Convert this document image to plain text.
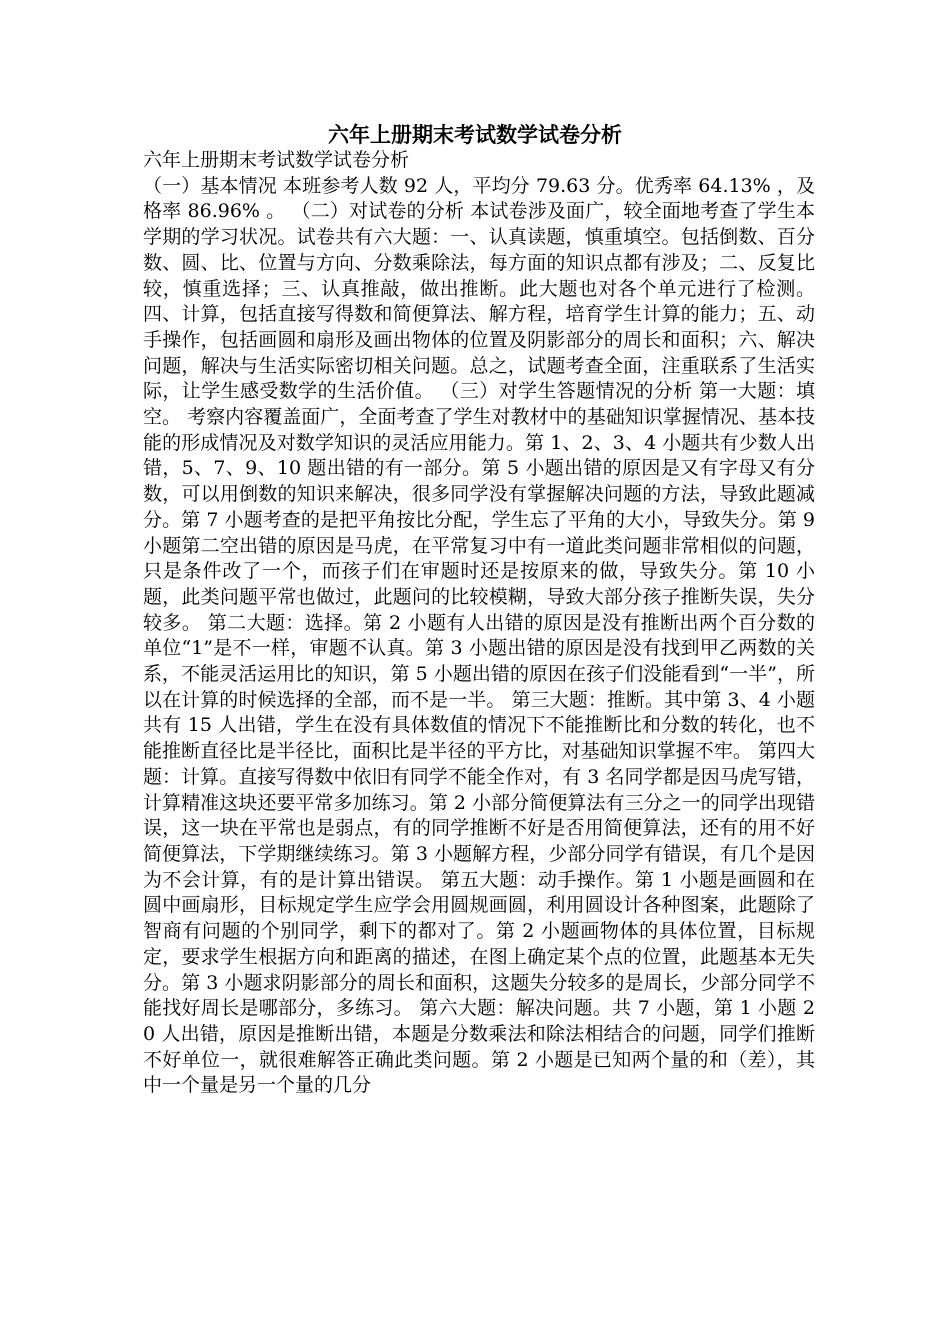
六年上册期末考试数学试卷分析

六年上册期末考试数学试卷分析
（一）基本情况 本班参考人数 92 人，平均分 79.63 分。优秀率 64.13% ，及格率 86.96% 。 （二）对试卷的分析 本试卷涉及面广，较全面地考查了学生本学期的学习状况。试卷共有六大题：一、认真读题，慎重填空。包括倒数、百分数、圆、比、位置与方向、分数乘除法，每方面的知识点都有涉及；二、反复比较，慎重选择；三、认真推敲，做出推断。此大题也对各个单元进行了检测。四、计算，包括直接写得数和简便算法、解方程，培育学生计算的能力；五、动手操作，包括画圆和扇形及画出物体的位置及阴影部分的周长和面积；六、解决问题，解决与生活实际密切相关问题。总之，试题考查全面，注重联系了生活实际，让学生感受数学的生活价值。 （三）对学生答题情况的分析 第一大题：填空。 考察内容覆盖面广，全面考查了学生对教材中的基础知识掌握情况、基本技能的形成情况及对数学知识的灵活应用能力。第 1、2、3、4 小题共有少数人出错，5、7、9、10 题出错的有一部分。第 5 小题出错的原因是又有字母又有分数，可以用倒数的知识来解决，很多同学没有掌握解决问题的方法，导致此题减分。第 7 小题考查的是把平角按比分配，学生忘了平角的大小，导致失分。第 9 小题第二空出错的原因是马虎，在平常复习中有一道此类问题非常相似的问题，只是条件改了一个，而孩子们在审题时还是按原来的做，导致失分。第 10 小题，此类问题平常也做过，此题问的比较模糊，导致大部分孩子推断失误，失分较多。 第二大题：选择。第 2 小题有人出错的原因是没有推断出两个百分数的单位“1”是不一样，审题不认真。第 3 小题出错的原因是没有找到甲乙两数的关系，不能灵活运用比的知识，第 5 小题出错的原因在孩子们没能看到“一半”，所以在计算的时候选择的全部，而不是一半。 第三大题：推断。其中第 3、4 小题共有 15 人出错，学生在没有具体数值的情况下不能推断比和分数的转化，也不能推断直径比是半径比，面积比是半径的平方比，对基础知识掌握不牢。 第四大题：计算。直接写得数中依旧有同学不能全作对，有 3 名同学都是因马虎写错，计算精准这块还要平常多加练习。第 2 小部分简便算法有三分之一的同学出现错误，这一块在平常也是弱点，有的同学推断不好是否用简便算法，还有的用不好简便算法，下学期继续练习。第 3 小题解方程，少部分同学有错误，有几个是因为不会计算，有的是计算出错误。 第五大题：动手操作。第 1 小题是画圆和在圆中画扇形，目标规定学生应学会用圆规画圆，利用圆设计各种图案，此题除了智商有问题的个别同学，剩下的都对了。第 2 小题画物体的具体位置，目标规定，要求学生根据方向和距离的描述，在图上确定某个点的位置，此题基本无失分。第 3 小题求阴影部分的周长和面积，这题失分较多的是周长，少部分同学不能找好周长是哪部分，多练习。 第六大题：解决问题。共 7 小题，第 1 小题 20 人出错，原因是推断出错，本题是分数乘法和除法相结合的问题，同学们推断不好单位一，就很难解答正确此类问题。第 2 小题是已知两个量的和（差），其中一个量是另一个量的几分
